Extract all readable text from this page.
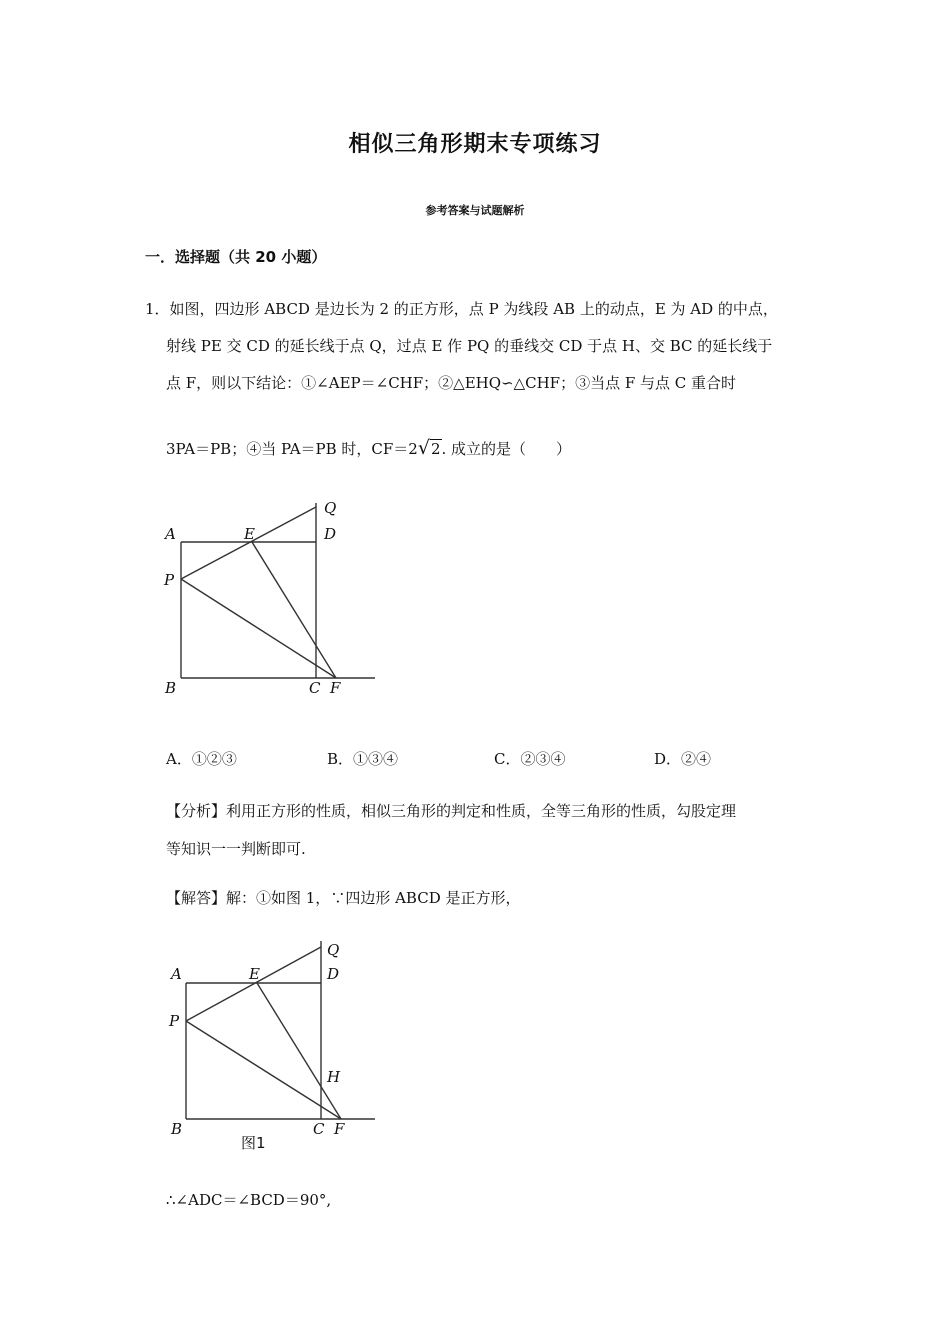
相似三角形期末专项练习
参考答案与试题解析
一．选择题（共 20 小题）
1．如图，四边形 ABCD 是边长为 2 的正方形，点 P 为线段 AB 上的动点，E 为 AD 的中点，
射线 PE 交 CD 的延长线于点 Q，过点 E 作 PQ 的垂线交 CD 于点 H、交 BC 的延长线于
点 F，则以下结论：①∠AEP＝∠CHF；②△EHQ∽△CHF；③当点 F 与点 C 重合时
3PA＝PB；④当 PA＝PB 时，CF＝2√2. 成立的是（　　）
A
B	C
D
E
F
P
Q
A．①②③	B．①③④	C．②③④	D．②④
【分析】利用正方形的性质，相似三角形的判定和性质，全等三角形的性质，勾股定理
等知识一一判断即可.
【解答】解：①如图 1，∵四边形 ABCD 是正方形，
A
B	C
D
E
F
P
Q
H
图1
∴∠ADC＝∠BCD＝90°,
